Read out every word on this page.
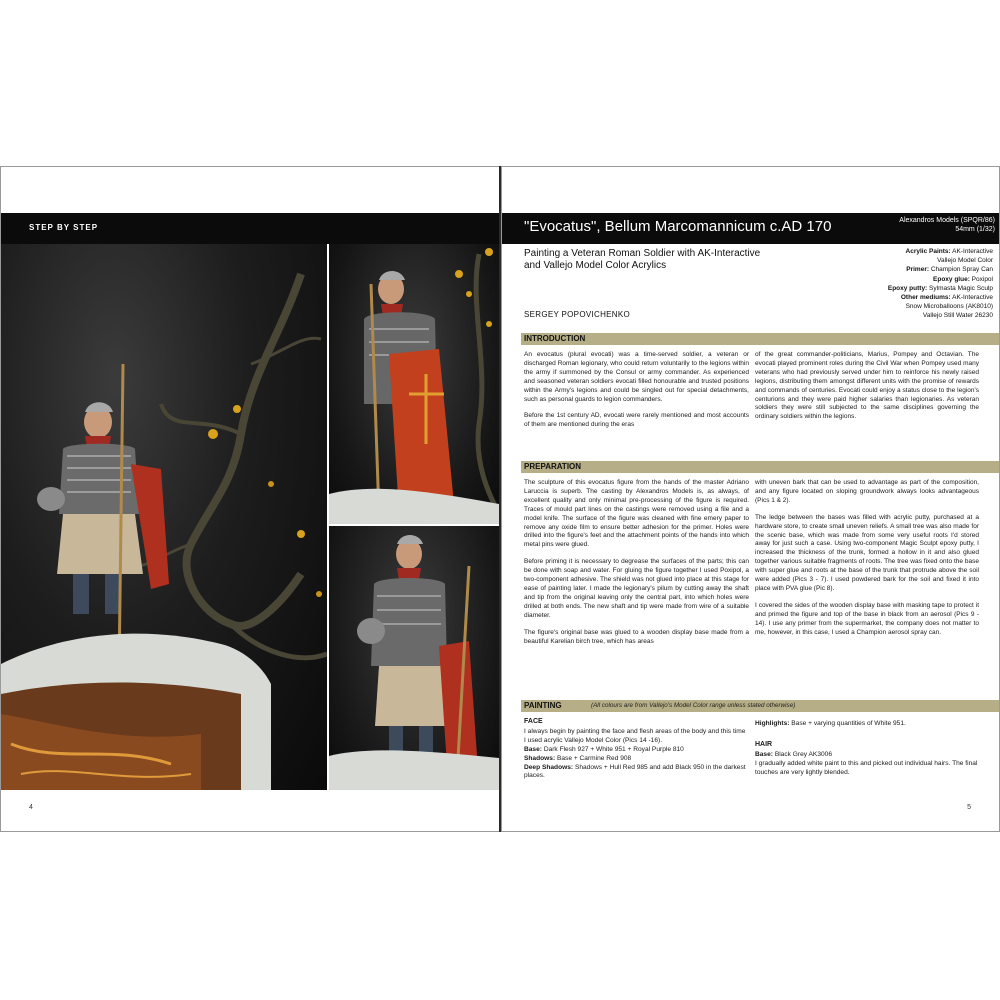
STEP BY STEP
4
"Evocatus", Bellum Marcomannicum c.AD 170	Alexandros Models (SPQR/86)
54mm (1/32)
Painting a Veteran Roman Soldier with AK-Interactive
and Vallejo Model Color Acrylics
SERGEY POPOVICHENKO
Acrylic Paints: AK-Interactive
Vallejo Model Color
Primer: Champion Spray Can
Epoxy glue: Poxipol
Epoxy putty: Sylmasta Magic Sculp
Other mediums: AK-Interactive
Snow Microballoons (AK8010)
Vallejo Still Water 26230
INTRODUCTION

An evocatus (plural evocati) was a time-served soldier, a veteran or discharged Roman legionary, who could return voluntarily to the legions within the army if summoned by the Consul or army commander. As experienced and seasoned veteran soldiers evocati filled honourable and trusted positions within the Army's legions and could be singled out for special detachments, such as personal guards to legion commanders.

Before the 1st century AD, evocati were rarely mentioned and most accounts of them are mentioned during the eras

of the great commander-politicians, Marius, Pompey and Octavian. The evocati played prominent roles during the Civil War when Pompey used many veterans who had previously served under him to reinforce his newly raised legions, distributing them amongst different units with the promise of rewards and commands of centuries. Evocati could enjoy a status close to the legion's centurions and they were paid higher salaries than legionaries. As veteran soldiers they were still subjected to the same disciplines governing the ordinary soldiers within the legions.

PREPARATION

The sculpture of this evocatus figure from the hands of the master Adriano Laruccia is superb. The casting by Alexandros Models is, as always, of excellent quality and only minimal pre-processing of the figure is required. Traces of mould part lines on the castings were removed using a file and a model knife. The surface of the figure was cleaned with fine emery paper to remove any oxide film to ensure better adhesion for the primer. Holes were drilled into the figure's feet and the attachment points of the hands into which metal pins were glued.

Before priming it is necessary to degrease the surfaces of the parts; this can be done with soap and water. For gluing the figure together I used Poxipol, a two-component adhesive. The shield was not glued into place at this stage for ease of painting later. I made the legionary's pilum by cutting away the shaft and tip from the original leaving only the central part, into which holes were drilled at both ends. The new shaft and tip were made from wire of a suitable diameter.

The figure's original base was glued to a wooden display base made from a beautiful Karelian birch tree, which has areas

with uneven bark that can be used to advantage as part of the composition, and any figure located on sloping groundwork always looks advantageous (Pics 1 & 2).

The ledge between the bases was filled with acrylic putty, purchased at a hardware store, to create small uneven reliefs. A small tree was also made for the scenic base, which was made from some very useful roots I'd stored away for just such a case. Using two-component Magic Sculpt epoxy putty, I increased the thickness of the trunk, formed a hollow in it and also glued together various suitable fragments of roots. The tree was fixed onto the base with super glue and roots at the base of the trunk that protrude above the soil were added (Pics 3 - 7). I used powdered bark for the soil and fixed it into place with PVA glue (Pic 8).

I covered the sides of the wooden display base with masking tape to protect it and primed the figure and top of the base in black from an aerosol (Pics 9 - 14). I use any primer from the supermarket, the company does not matter to me, however, in this case, I used a Champion aerosol spray can.

PAINTING	(All colours are from Vallejo's Model Color range unless stated otherwise)
FACE
I always begin by painting the face and flesh areas of the body and this time I used acrylic Vallejo Model Color (Pics 14 -16).
Base: Dark Flesh 927 + White 951 + Royal Purple 810
Shadows: Base + Carmine Red 908
Deep Shadows: Shadows + Hull Red 985 and add Black 950 in the darkest places.
Highlights: Base + varying quantities of White 951.
HAIR
Base: Black Grey AK3006
I gradually added white paint to this and picked out individual hairs. The final touches are very lightly blended.
5
